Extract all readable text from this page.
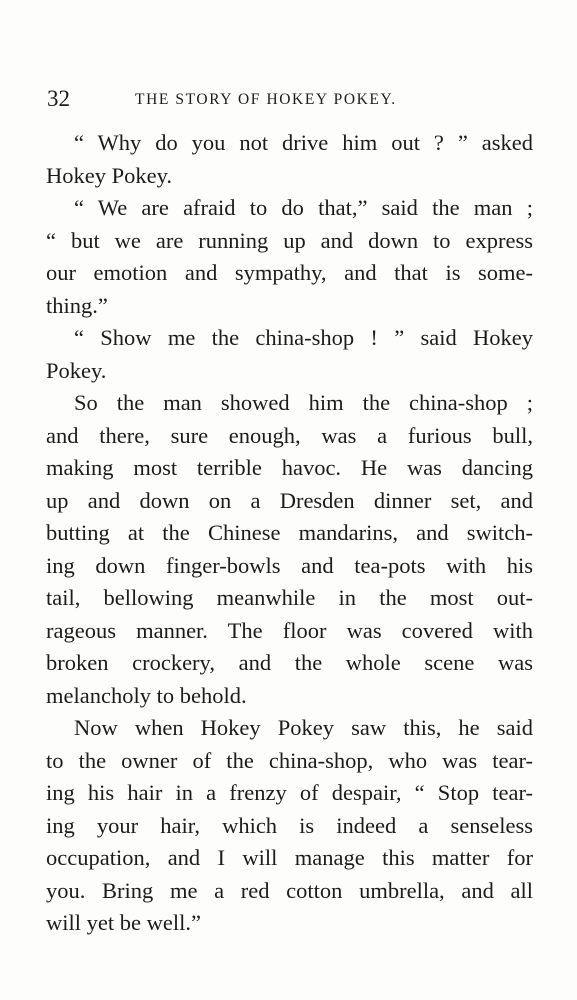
32	THE STORY OF HOKEY POKEY.
“ Why do you not drive him out ? ” asked
Hokey Pokey.
“ We are afraid to do that,” said the man ;
“ but we are running up and down to express
our emotion and sympathy, and that is some-
thing.”
“ Show me the china-shop ! ” said Hokey
Pokey.
So the man showed him the china-shop ;
and there, sure enough, was a furious bull,
making most terrible havoc. He was dancing
up and down on a Dresden dinner set, and
butting at the Chinese mandarins, and switch-
ing down finger-bowls and tea-pots with his
tail, bellowing meanwhile in the most out-
rageous manner. The floor was covered with
broken crockery, and the whole scene was
melancholy to behold.
Now when Hokey Pokey saw this, he said
to the owner of the china-shop, who was tear-
ing his hair in a frenzy of despair, “ Stop tear-
ing your hair, which is indeed a senseless
occupation, and I will manage this matter for
you. Bring me a red cotton umbrella, and all
will yet be well.”
